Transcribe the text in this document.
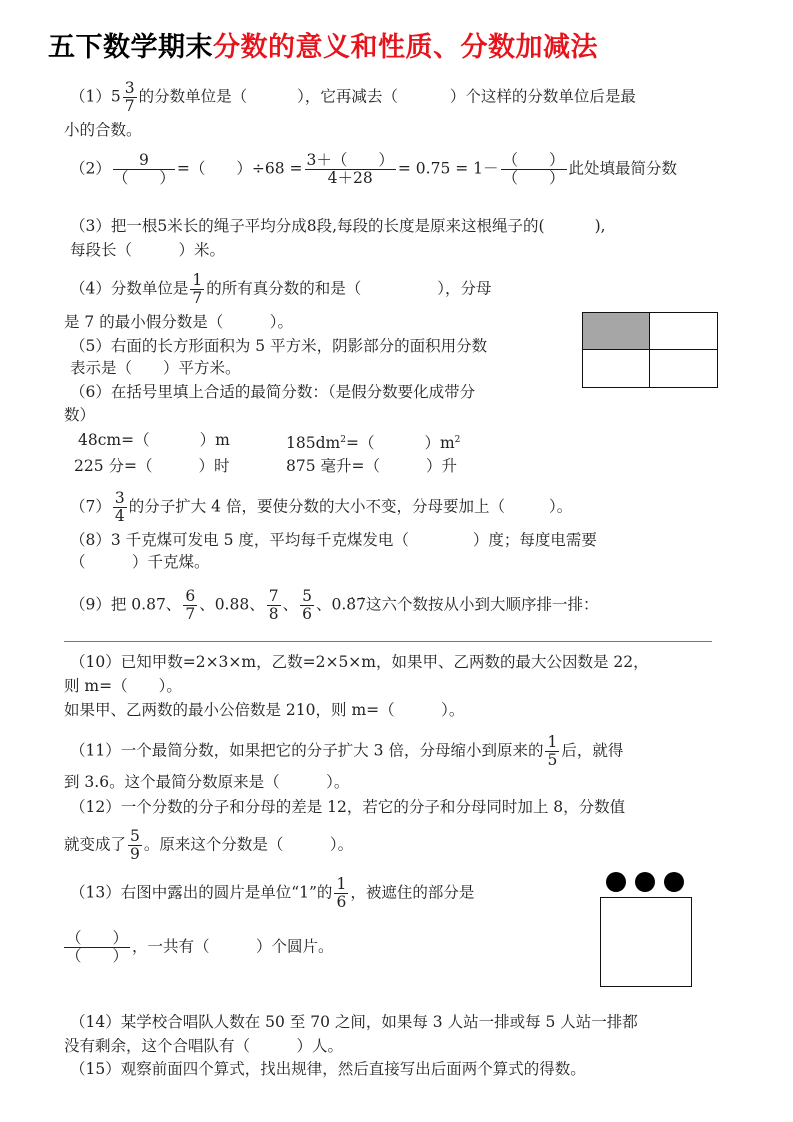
五下数学期末分数的意义和性质、分数加减法
$(1)5 \frac{3}{7}$ 的分数单位是（	），它再减去（	）个这样的分数单位后是最
小的合数。
$(2) \frac{9}{( )}$ =（　　）$\div 68 = \frac{3+( )}{4+28} = 0.75 = 1- \frac{( )}{( )}$ 此处填最简分数
（3）把一根5米长的绳子平均分成8段,每段的长度是原来这根绳子的(	),
每段长（　　　）米。
（4）分数单位是 $\frac{1}{7}$ 的所有真分数的和是（	），分母
是 7 的最小假分数是（　　　）。
（5）右面的长方形面积为 5 平方米，阴影部分的面积用分数
表示是（　　）平方米。
（6）在括号里填上合适的最简分数：（是假分数要化成带分
数）
48cm=（	）m	$185dm^2=$（	）$m^2$
225 分=（	）时	875 毫升=（	）升
$(7) \frac{3}{4}$ 的分子扩大 4 倍，要使分数的大小不变，分母要加上（	）。
（8）3 千克煤可发电 5 度，平均每千克煤发电（	）度；每度电需要
（　　　）千克煤。
（9）把 0.87、 $\frac{6}{7}$ 、0.88、 $\frac{7}{8}$ 、 $\frac{5}{6}$ 、0.8̇7̇这六个数按从小到大顺序排一排：
（10）已知甲数=2×3×m，乙数=2×5×m，如果甲、乙两数的最大公因数是 22，
则 m=（　　）。
如果甲、乙两数的最小公倍数是 210，则 m=（　　　）。
（11）一个最简分数，如果把它的分子扩大 3 倍，分母缩小到原来的 $\frac{1}{5}$ 后，就得
到 3.6。这个最简分数原来是（　　　）。
（12）一个分数的分子和分母的差是 12，若它的分子和分母同时加上 8，分数值
就变成了 $\frac{5}{9}$ 。原来这个分数是（　　　）。
（13）右图中露出的圆片是单位“1”的 $\frac{1}{6}$ ，被遮住的部分是
$\frac{( )}{( )}$ ，一共有（　　　）个圆片。
（14）某学校合唱队人数在 50 至 70 之间，如果每 3 人站一排或每 5 人站一排都
没有剩余，这个合唱队有（　　　）人。
（15）观察前面四个算式，找出规律，然后直接写出后面两个算式的得数。
